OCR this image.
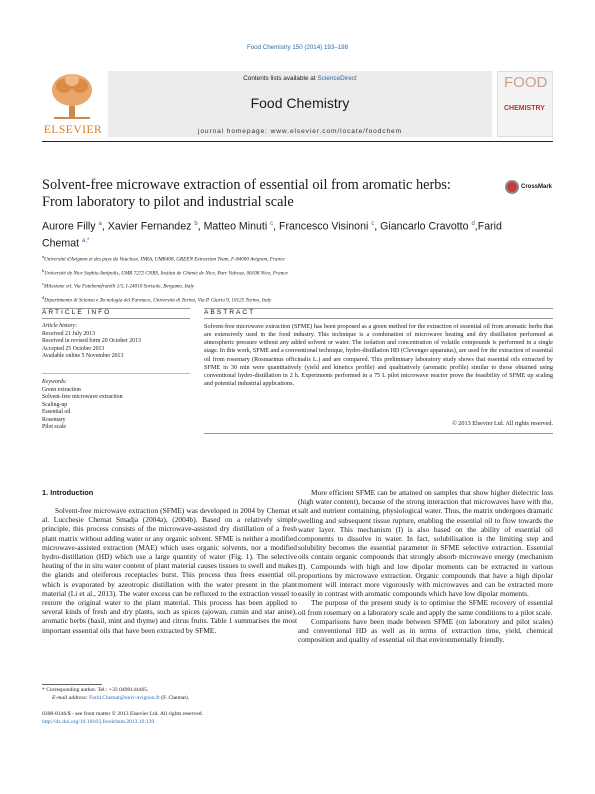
Food Chemistry 150 (2014) 193–198
ELSEVIER
Contents lists available at ScienceDirect
Food Chemistry
journal homepage: www.elsevier.com/locate/foodchem
FOOD
CHEMISTRY
Solvent-free microwave extraction of essential oil from aromatic herbs: From laboratory to pilot and industrial scale
CrossMark
Aurore Filly $^a$, Xavier Fernandez $^b$, Matteo Minuti $^c$, Francesco Visinoni $^c$, Giancarlo Cravotto $^d$,Farid Chemat $^{a,*}$
$^a$Université d'Avignon et des pays du Vaucluse, INRA, UMR408, GREEN Extraction Team, F-84000 Avignon, France
$^b$Université de Nice Sophia Antipolis, UMR 7272 CNRS, Institut de Chimie de Nice, Parc Valrose, 06108 Nice, France
$^c$Milestone srl, Via Fatebenefratelli 1/5, I-24010 Sorisole, Bergamo, Italy
$^d$Dipartimento di Scienza e Tecnologia del Farmaco, Università di Torino, Via P. Giuria 9, 10125 Torino, Italy
ARTICLE INFO	ABSTRACT
Article history:
Received 21 July 2013
Received in revised form 20 October 2013
Accepted 25 October 2013
Available online 5 November 2013
Keywords:
Green extraction
Solvent-free microwave extraction
Scaling-up
Essential oil
Rosemary
Pilot scale
Solvent-free microwave extraction (SFME) has been proposed as a green method for the extraction of essential oil from aromatic herbs that are extensively used in the food industry. This technique is a combination of microwave heating and dry distillation performed at atmospheric pressure without any added solvent or water. The isolation and concentration of volatile compounds is performed in a single stage. In this work, SFME and a conventional technique, hydro-distillation HD (Clevenger apparatus), are used for the extraction of essential oil from rosemary (Rosmarinus officinalis L.) and are compared. This preliminary laboratory study shows that essential oils extracted by SFME in 30 min were quantitatively (yield and kinetics profile) and qualitatively (aromatic profile) similar to those obtained using conventional hydro-distillation in 2 h. Experiments performed in a 75 L pilot microwave reactor prove the feasibility of SFME up scaling and potential industrial applications.
© 2013 Elsevier Ltd. All rights reserved.
1. Introduction

Solvent-free microwave extraction (SFME) was developed in 2004 by Chemat et al. Lucchesie Chemat Smadja (2004a), (2004b). Based on a relatively simple principle, this process consists of the microwave-assisted dry distillation of a fresh plant matrix without adding water or any organic solvent. SFME is neither a modified microwave-assisted extraction (MAE) which uses organic solvents, nor a modified hydro-distillation (HD) which use a large quantity of water (Fig. 1). The selective heating of the in situ water content of plant material causes tissues to swell and makes the glands and oleiferous receptacles burst. This process thus frees essential oil, which is evaporated by azeotropic distillation with the water present in the plant material (Li et al., 2013). The water excess can be refluxed to the extraction vessel to restore the original water to the plant material. This process has been applied to several kinds of fresh and dry plants, such as spices (ajowan, cumin and star anise), aromatic herbs (basil, mint and thyme) and citrus fruits. Table 1 summarises the most important essential oils that have been extracted by SFME.

More efficient SFME can be attained on samples that show higher dielectric loss (high water content), because of the strong interaction that microwaves have with the, salt and nutrient containing, physiological water. Thus, the matrix undergoes dramatic swelling and subsequent tissue rupture, enabling the essential oil to flow towards the water layer. This mechanism (I) is also based on the ability of essential oil components to dissolve in water. In fact, solubilisation is the limiting step and solubility becomes the essential parameter in SFME selective extraction. Essential oils contain organic compounds that strongly absorb microwave energy (mechanism II). Compounds with high and low dipolar moments can be extracted in various proportions by microwave extraction. Organic compounds that have a high dipolar moment will interact more vigorously with microwaves and can be extracted more easily in contrast with aromatic compounds which have low dipolar moments.

The purpose of the present study is to optimise the SFME recovery of essential oil from rosemary on a laboratory scale and apply the same conditions to a pilot scale.

Comparisons have been made between SFME (on laboratory and pilot scales) and conventional HD as well as in terms of extraction time, yield, chemical composition and quality of essential oil that environmentally friendly.

* Corresponding author. Tel.: +33 0490144465.
E-mail address: Farid.Chemat@univ-avignon.fr (F. Chemat).
0308-8146/$ - see front matter © 2013 Elsevier Ltd. All rights reserved.
http://dx.doi.org/10.1016/j.foodchem.2013.10.139
